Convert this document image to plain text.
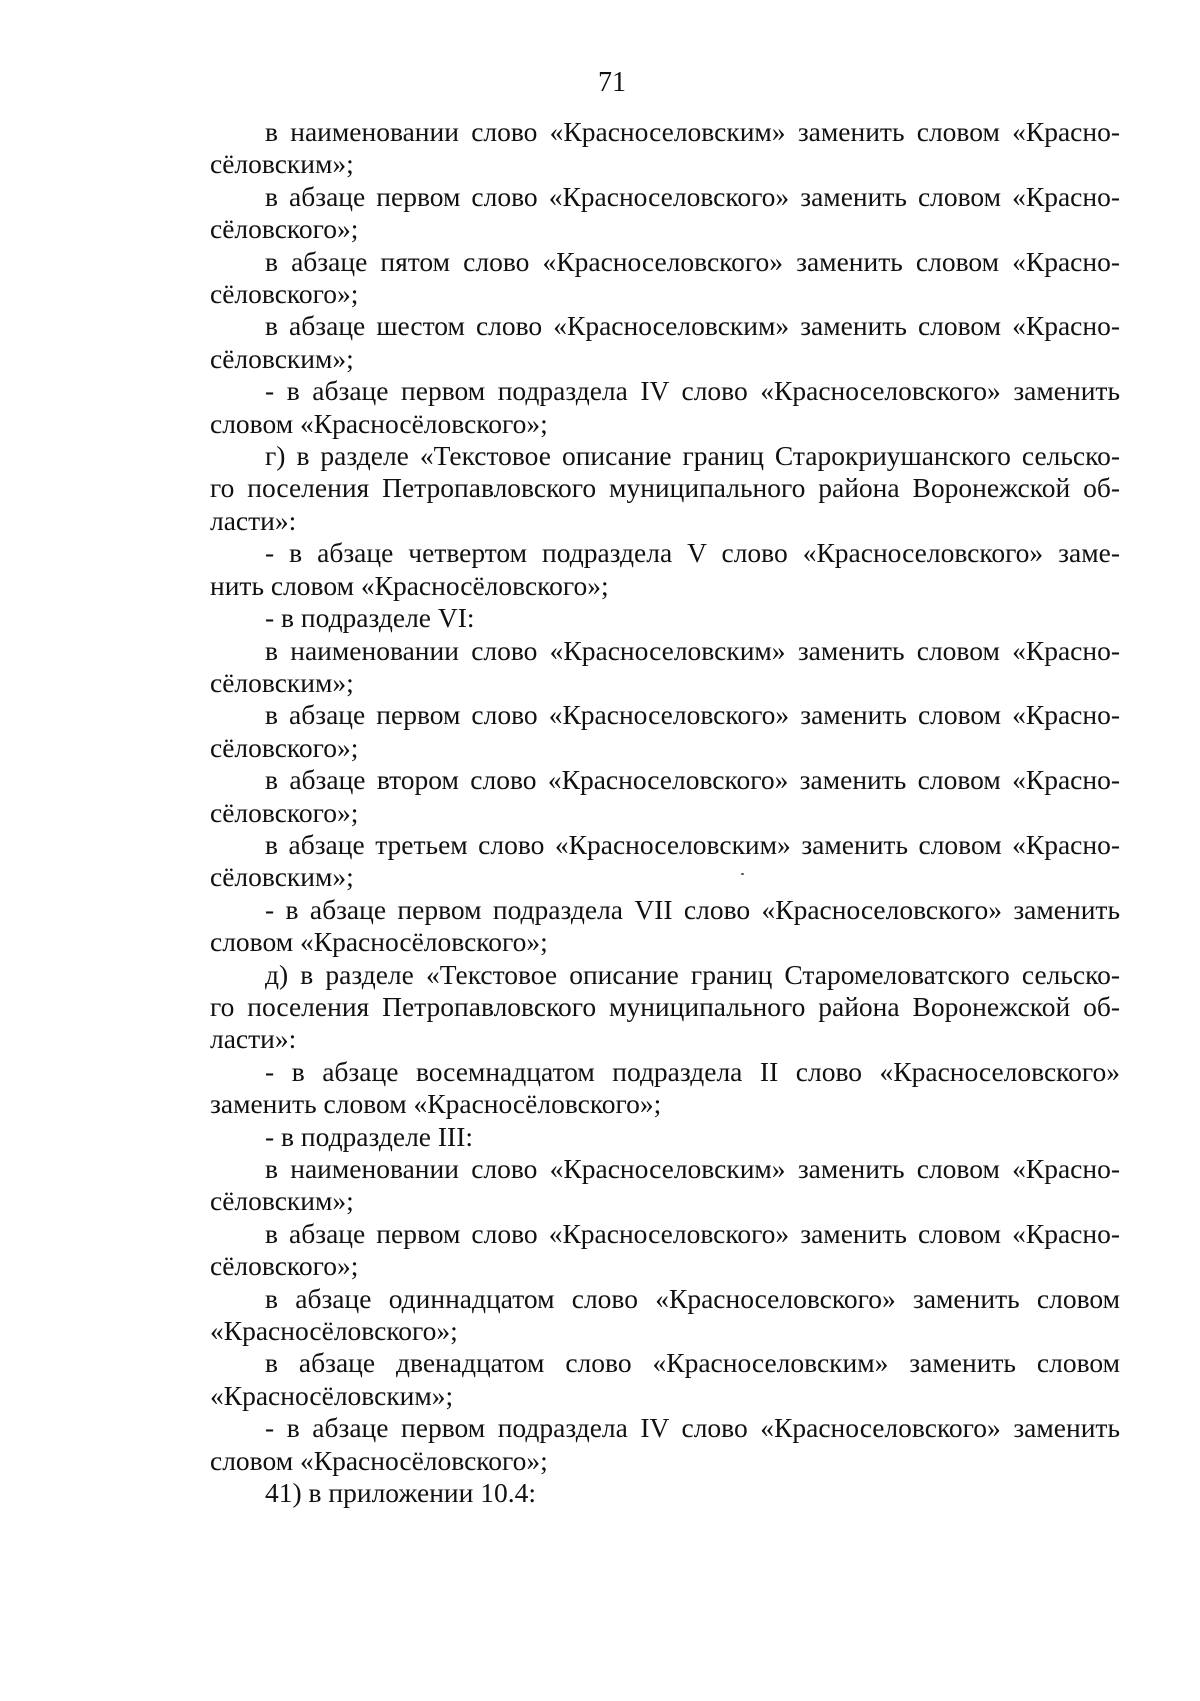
71
в наименовании слово «Красноселовским» заменить словом «Красно-
сёловским»;
в абзаце первом слово «Красноселовского» заменить словом «Красно-
сёловского»;
в абзаце пятом слово «Красноселовского» заменить словом «Красно-
сёловского»;
в абзаце шестом слово «Красноселовским» заменить словом «Красно-
сёловским»;
- в абзаце первом подраздела IV слово «Красноселовского» заменить
словом «Красносёловского»;
г) в разделе «Текстовое описание границ Старокриушанского сельско-
го поселения Петропавловского муниципального района Воронежской об-
ласти»:
- в абзаце четвертом подраздела V слово «Красноселовского» заме-
нить словом «Красносёловского»;
- в подразделе VI:
в наименовании слово «Красноселовским» заменить словом «Красно-
сёловским»;
в абзаце первом слово «Красноселовского» заменить словом «Красно-
сёловского»;
в абзаце втором слово «Красноселовского» заменить словом «Красно-
сёловского»;
в абзаце третьем слово «Красноселовским» заменить словом «Красно-
сёловским»;
- в абзаце первом подраздела VII слово «Красноселовского» заменить
словом «Красносёловского»;
д) в разделе «Текстовое описание границ Старомеловатского сельско-
го поселения Петропавловского муниципального района Воронежской об-
ласти»:
- в абзаце восемнадцатом подраздела II слово «Красноселовского»
заменить словом «Красносёловского»;
- в подразделе III:
в наименовании слово «Красноселовским» заменить словом «Красно-
сёловским»;
в абзаце первом слово «Красноселовского» заменить словом «Красно-
сёловского»;
в абзаце одиннадцатом слово «Красноселовского» заменить словом
«Красносёловского»;
в абзаце двенадцатом слово «Красноселовским» заменить словом
«Красносёловским»;
- в абзаце первом подраздела IV слово «Красноселовского» заменить
словом «Красносёловского»;
41) в приложении 10.4:
